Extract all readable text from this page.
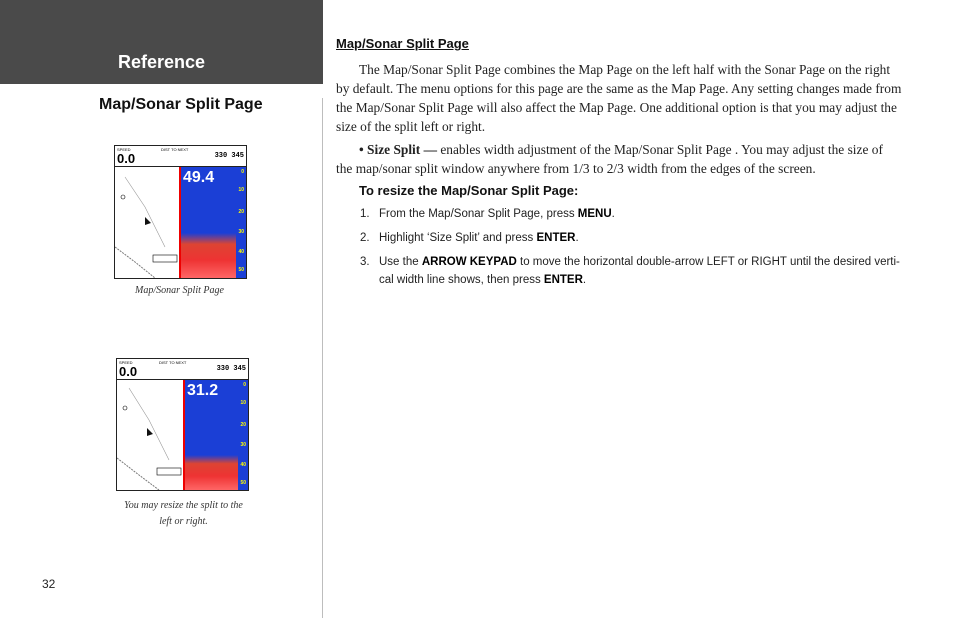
Reference
Map/Sonar Split Page
SPEED	DIST TO NEXT
0.0	330 345
49.4	0
10
20
30
40
50
Map/Sonar Split Page
SPEED	DIST TO NEXT
0.0	330 345
31.2	0
10
20
30
40
50
You may resize the split to the
left or right.
32
Map/Sonar Split Page
The Map/Sonar Split Page combines the Map Page on the left half with the Sonar Page on the right by default. The menu options for this page are the same as the Map Page. Any setting changes made from the Map/Sonar Split Page will also affect the Map Page. One additional option is that you may adjust the size of the split left or right.
• Size Split — enables width adjustment of the Map/Sonar Split Page . You may adjust the size of the map/sonar split window anywhere from 1/3 to 2/3 width from the edges of the screen.
To resize the Map/Sonar Split Page:
1. From the Map/Sonar Split Page, press MENU.
2. Highlight ‘Size Split’ and press ENTER.
3. Use the ARROW KEYPAD to move the horizontal double-arrow LEFT or RIGHT until the desired verti-cal width line shows, then press ENTER.
